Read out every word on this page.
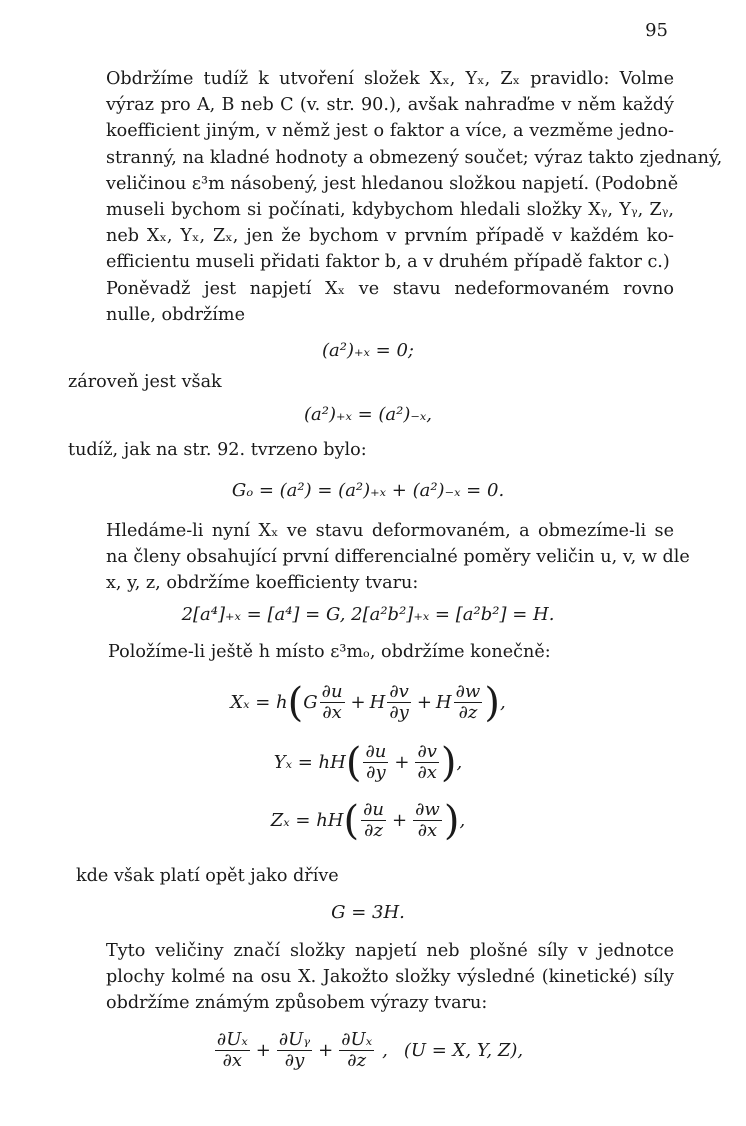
95

Obdržíme tudíž k utvoření složek Xₓ, Yₓ, Zₓ pravidlo: Volme
výraz pro A, B neb C (v. str. 90.), avšak nahraďme v něm každý
koefficient jiným, v němž jest o faktor a více, a vezměme jedno-
stranný, na kladné hodnoty a obmezený součet; výraz takto zjednaný,
veličinou ε³m násobený, jest hledanou složkou napjetí. (Podobně
museli bychom si počínati, kdybychom hledali složky Xᵧ, Yᵧ, Zᵧ,
neb Xₓ, Yₓ, Zₓ, jen že bychom v prvním případě v každém ko-
efficientu museli přidati faktor b, a v druhém případě faktor c.)

Poněvadž jest napjetí Xₓ ve stavu nedeformovaném rovno
nulle, obdržíme

(a²)₊ₓ = 0;
zároveň jest však
(a²)₊ₓ = (a²)₋ₓ,
tudíž, jak na str. 92. tvrzeno bylo:
Gₒ = (a²) = (a²)₊ₓ + (a²)₋ₓ = 0.

Hledáme-li nyní Xₓ ve stavu deformovaném, a obmezíme-li se
na členy obsahující první differencialné poměry veličin u, v, w dle
x, y, z, obdržíme koefficienty tvaru:

2[a⁴]₊ₓ = [a⁴] = G, 2[a²b²]₊ₓ = [a²b²] = H.
Položíme-li ještě h místo ε³mₒ, obdržíme konečně:
Xₓ = h ( G $\frac{\partial u}{\partial x} + H \frac{\partial v}{\partial y} + H \frac{\partial w}{\partial z}$ ) ,
Yₓ = hH ( $\frac{\partial u}{\partial y} + \frac{\partial v}{\partial x}$ ) ,
Zₓ = hH ( $\frac{\partial u}{\partial z} + \frac{\partial w}{\partial x}$ ) ,
kde však platí opět jako dříve
G = 3H.

Tyto veličiny značí složky napjetí neb plošné síly v jednotce
plochy kolmé na osu X. Jakožto složky výsledné (kinetické) síly
obdržíme známým způsobem výrazy tvaru:

$\frac{\text{∂Uₓ}}{\partial x} + \frac{\text{∂Uᵧ}}{\partial y} + \frac{\text{∂Uₓ}}{\partial z}$ , (U = X, Y, Z),
